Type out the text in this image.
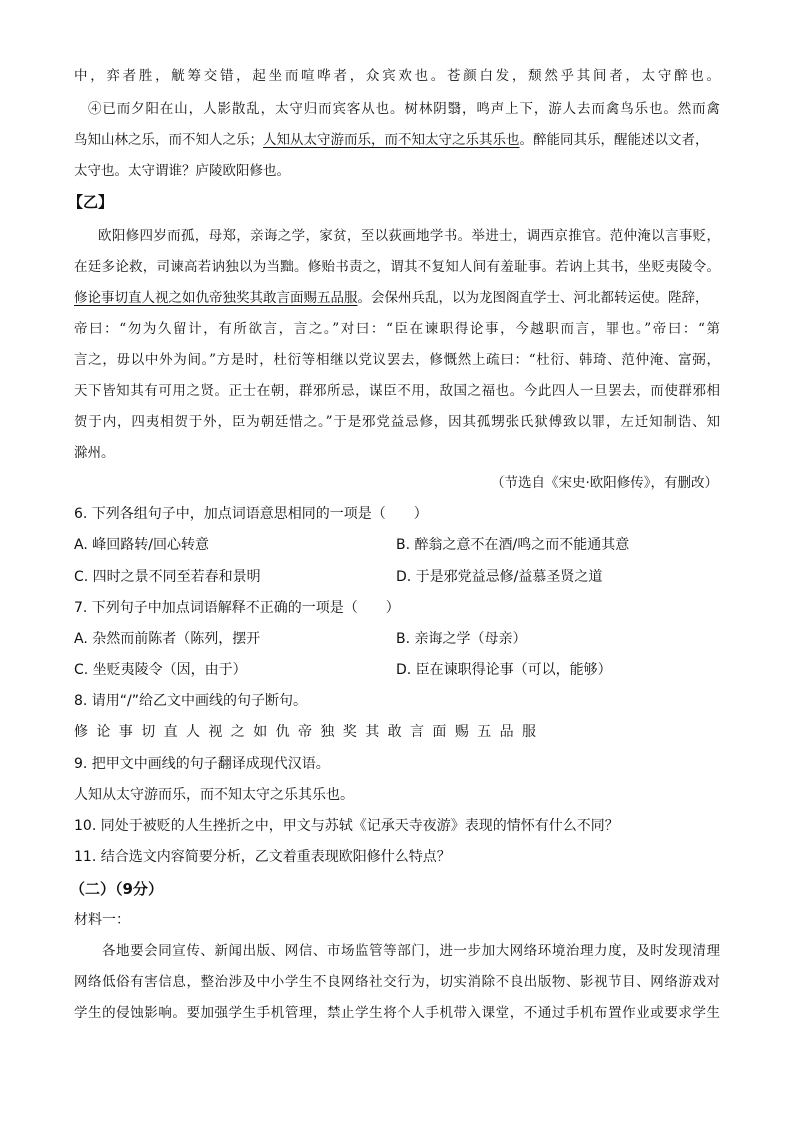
中，弈者胜，觥筹交错，起坐而喧哗者，众宾欢也。苍颜白发，颓然乎其间者，太守醉也。
④已而夕阳在山，人影散乱，太守归而宾客从也。树林阴翳，鸣声上下，游人去而禽鸟乐也。然而禽
鸟知山林之乐，而不知人之乐；人知从太守游而乐，而不知太守之乐其乐也。醉能同其乐，醒能述以文者，
太守也。太守谓谁？庐陵欧阳修也。
【乙】
欧阳修四岁而孤，母郑，亲诲之学，家贫，至以荻画地学书。举进士，调西京推官。范仲淹以言事贬，
在廷多论救，司谏高若讷独以为当黜。修贻书责之，谓其不复知人间有羞耻事。若讷上其书，坐贬夷陵令。
修论事切直人视之如仇帝独奖其敢言面赐五品服。会保州兵乱，以为龙图阁直学士、河北都转运使。陛辞，
帝曰：“勿为久留计，有所欲言，言之。”对曰：“臣在谏职得论事，今越职而言，罪也。”帝曰：“第
言之，毋以中外为间。”方是时，杜衍等相继以党议罢去，修慨然上疏曰：“杜衍、韩琦、范仲淹、富弼，
天下皆知其有可用之贤。正士在朝，群邪所忌，谋臣不用，敌国之福也。今此四人一旦罢去，而使群邪相
贺于内，四夷相贺于外，臣为朝廷惜之。”于是邪党益忌修，因其孤甥张氏狱傅致以罪，左迁知制诰、知
滁州。
（节选自《宋史·欧阳修传》，有删改）
6. 下列各组句子中，加点词语意思相同的一项是（　　）
A. 峰回路转/回心转意	B. 醉翁之意不在酒/鸣之而不能通其意
C. 四时之景不同至若春和景明	D. 于是邪党益忌修/益慕圣贤之道
7. 下列句子中加点词语解释不正确的一项是（　　）
A. 杂然而前陈者（陈列，摆开	B. 亲诲之学（母亲）
C. 坐贬夷陵令（因，由于）	D. 臣在谏职得论事（可以，能够）
8. 请用“/”给乙文中画线的句子断句。
修论事切直人视之如仇帝独奖其敢言面赐五品服
9. 把甲文中画线的句子翻译成现代汉语。
人知从太守游而乐，而不知太守之乐其乐也。
10. 同处于被贬的人生挫折之中，甲文与苏轼《记承天寺夜游》表现的情怀有什么不同？
11. 结合选文内容简要分析，乙文着重表现欧阳修什么特点？
（二）（9分）
材料一：
各地要会同宣传、新闻出版、网信、市场监管等部门，进一步加大网络环境治理力度，及时发现清理
网络低俗有害信息，整治涉及中小学生不良网络社交行为，切实消除不良出版物、影视节目、网络游戏对
学生的侵蚀影响。要加强学生手机管理，禁止学生将个人手机带入课堂，不通过手机布置作业或要求学生
